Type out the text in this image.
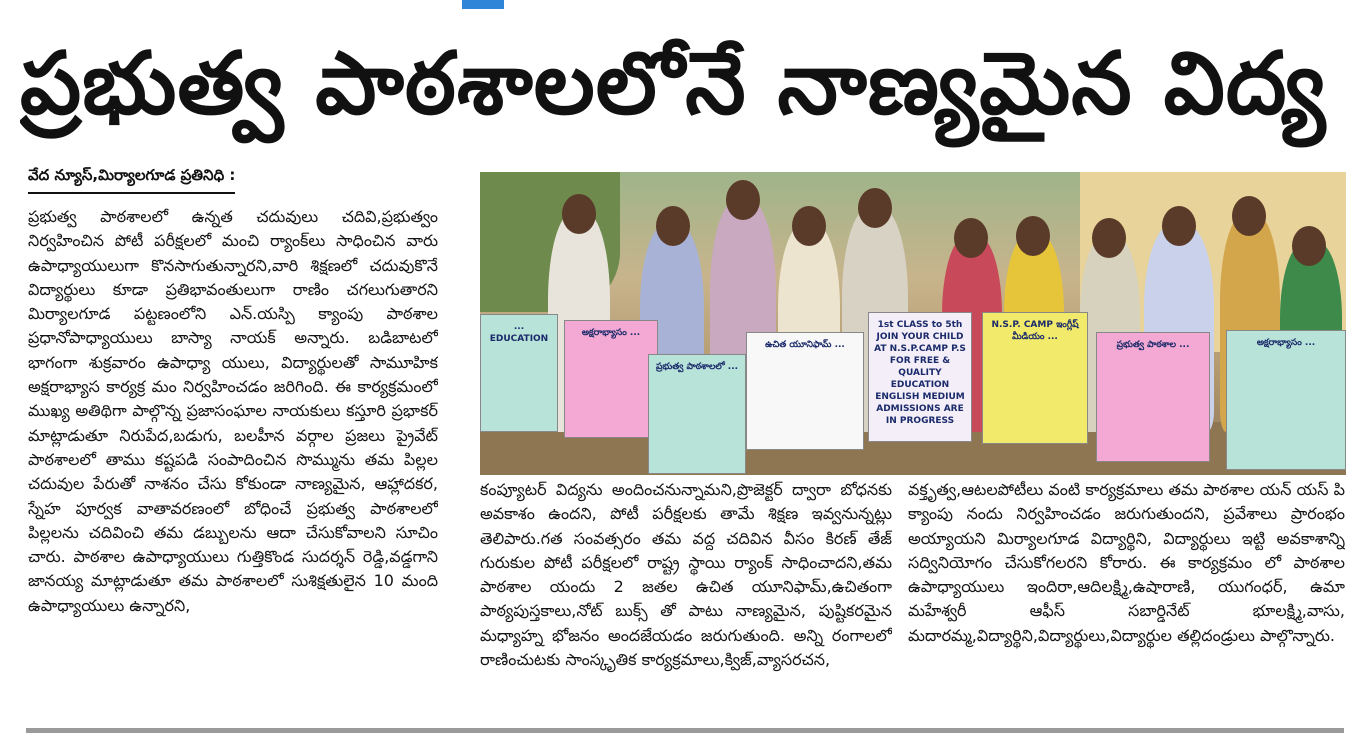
ప్రభుత్వ పాఠశాలలోనే నాణ్యమైన విద్య
వేద న్యూస్,మిర్యాలగూడ ప్రతినిధి :

ప్రభుత్వ పాఠశాలలో ఉన్నత చదువులు చదివి,ప్రభుత్వం నిర్వహించిన పోటీ పరీక్షలలో మంచి ర్యాంక్‌లు సాధించిన వారు ఉపాధ్యాయులుగా కొనసాగుతున్నారని,వారి శిక్షణలో చదువుకొనే విద్యార్థులు కూడా ప్రతిభావంతులుగా రాణిం చగలుగుతారని మిర్యాలగూడ పట్టణంలోని ఎన్.యస్పి క్యాంపు పాఠశాల ప్రధానోపాధ్యాయులు బాస్యా నాయక్ అన్నారు. బడిబాటలో భాగంగా శుక్రవారం ఉపాధ్యా యులు, విద్యార్థులతో సామూహిక అక్షరాభ్యాస కార్యక్ర మం నిర్వహించడం జరిగింది. ఈ కార్యక్రమంలో ముఖ్య అతిథిగా పాల్గొన్న ప్రజాసంఘాల నాయకులు కస్తూరి ప్రభాకర్ మాట్లాడుతూ నిరుపేద,బడుగు, బలహీన వర్గాల ప్రజలు ప్రైవేట్ పాఠశాలలో తాము కష్టపడి సంపాదించిన సొమ్మును తమ పిల్లల చదువుల పేరుతో నాశనం చేసు కోకుండా నాణ్యమైన, ఆహ్లాదకర, స్నేహ పూర్వక వాతావరణంలో బోధించే ప్రభుత్వ పాఠశాలలో పిల్లలను చదివించి తమ డబ్బులను ఆదా చేసుకోవాలని సూచిం చారు. పాఠశాల ఉపాధ్యాయులు గుత్తికొండ సుదర్శన్ రెడ్డి,వడ్డగాని జానయ్య మాట్లాడుతూ తమ పాఠశాలలో సుశిక్షతులైన 10 మంది ఉపాధ్యాయులు ఉన్నారని,

... EDUCATION
అక్షరాభ్యాసం ...
ప్రభుత్వ పాఠశాలలో ...
ఉచిత యూనిఫామ్ ...
1st CLASS to 5th JOIN YOUR CHILD AT N.S.P.CAMP P.S FOR FREE & QUALITY EDUCATION ENGLISH MEDIUM ADMISSIONS ARE IN PROGRESS
N.S.P. CAMP ఇంగ్లీష్ మీడియం ...
ప్రభుత్వ పాఠశాల ...	అక్షరాభ్యాసం ...

కంప్యూటర్ విద్యను అందించనున్నామని,ప్రొజెక్టర్ ద్వారా బోధనకు అవకాశం ఉందని, పోటీ పరీక్షలకు తామే శిక్షణ ఇవ్వనున్నట్లు తెలిపారు.గత సంవత్సరం తమ వద్ద చదివిన వీసం కిరణ్ తేజ్ గురుకుల పోటీ పరీక్షలలో రాష్ట్ర స్థాయి ర్యాంక్ సాధించాదని,తమ పాఠశాల యందు 2 జతల ఉచిత యూనిఫామ్,ఉచితంగా పాఠ్యపుస్తకాలు,నోట్ బుక్స్ తో పాటు నాణ్యమైన, పుష్టికరమైన మధ్యాహ్న భోజనం అందజేయడం జరుగుతుంది. అన్ని రంగాలలో రాణించుటకు సాంస్కృతిక కార్యక్రమాలు,క్విజ్,వ్యాసరచన,

వక్తృత్వ,ఆటలపోటీలు వంటి కార్యక్రమాలు తమ పాఠశాల యన్ యస్ పి క్యాంపు నందు నిర్వహించడం జరుగుతుందని, ప్రవేశాలు ప్రారంభం అయ్యాయని మిర్యాలగూడ విద్యార్థిని, విద్యార్థులు ఇట్టి అవకాశాన్ని సద్వినియోగం చేసుకోగలరని కోరారు. ఈ కార్యక్రమం లో పాఠశాల ఉపాధ్యాయులు ఇందిరా,ఆదిలక్ష్మి,ఉషారాణి, యుగంధర్, ఉమా మహేశ్వరీ ఆఫీస్ సబార్డినేట్ భూలక్ష్మి,వాసు, మదారమ్మ,విద్యార్థిని,విద్యార్థులు,విద్యార్థుల తల్లిదండ్రులు పాల్గొన్నారు.
